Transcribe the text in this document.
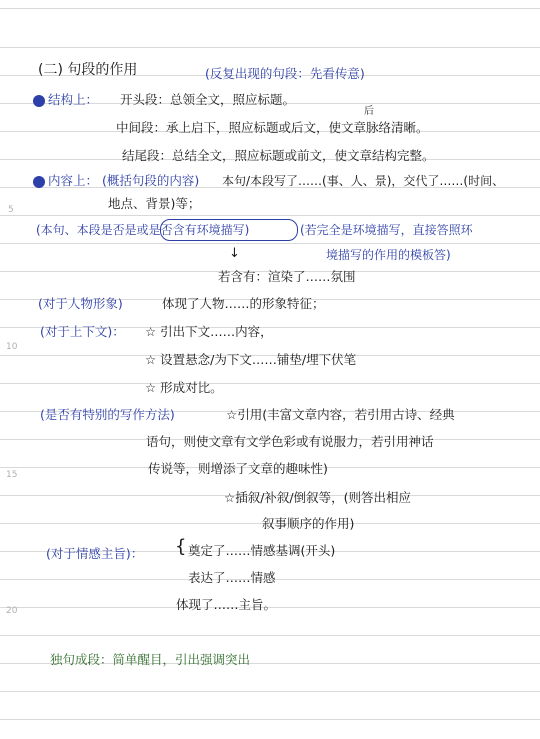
5
10
15
20
(二) 句段的作用	(反复出现的句段：先看传意)
结构上： 开头段：总领全文，照应标题。
后
中间段：承上启下，照应标题或后文，使文章脉络清晰。
结尾段：总结全文，照应标题或前文，使文章结构完整。
内容上： (概括句段的内容) 本句/本段写了……(事、人、景)，交代了……(时间、
地点、背景)等；
(本句、本段是否是或是否含有环境描写)	(若完全是环境描写，直接答照环
境描写的作用的模板答)
↓
若含有：渲染了……氛围
(对于人物形象)	体现了人物……的形象特征；
(对于上下文)： ☆ 引出下文……内容，
☆ 设置悬念/为下文……铺垫/埋下伏笔
☆ 形成对比。
(是否有特别的写作方法)	☆引用(丰富文章内容，若引用古诗、经典
语句，则使文章有文学色彩或有说服力，若引用神话
传说等，则增添了文章的趣味性)
☆插叙/补叙/倒叙等，(则答出相应
叙事顺序的作用)
(对于情感主旨)： { 奠定了……情感基调(开头)
表达了……情感
体现了……主旨。
独句成段：简单醒目，引出强调突出
